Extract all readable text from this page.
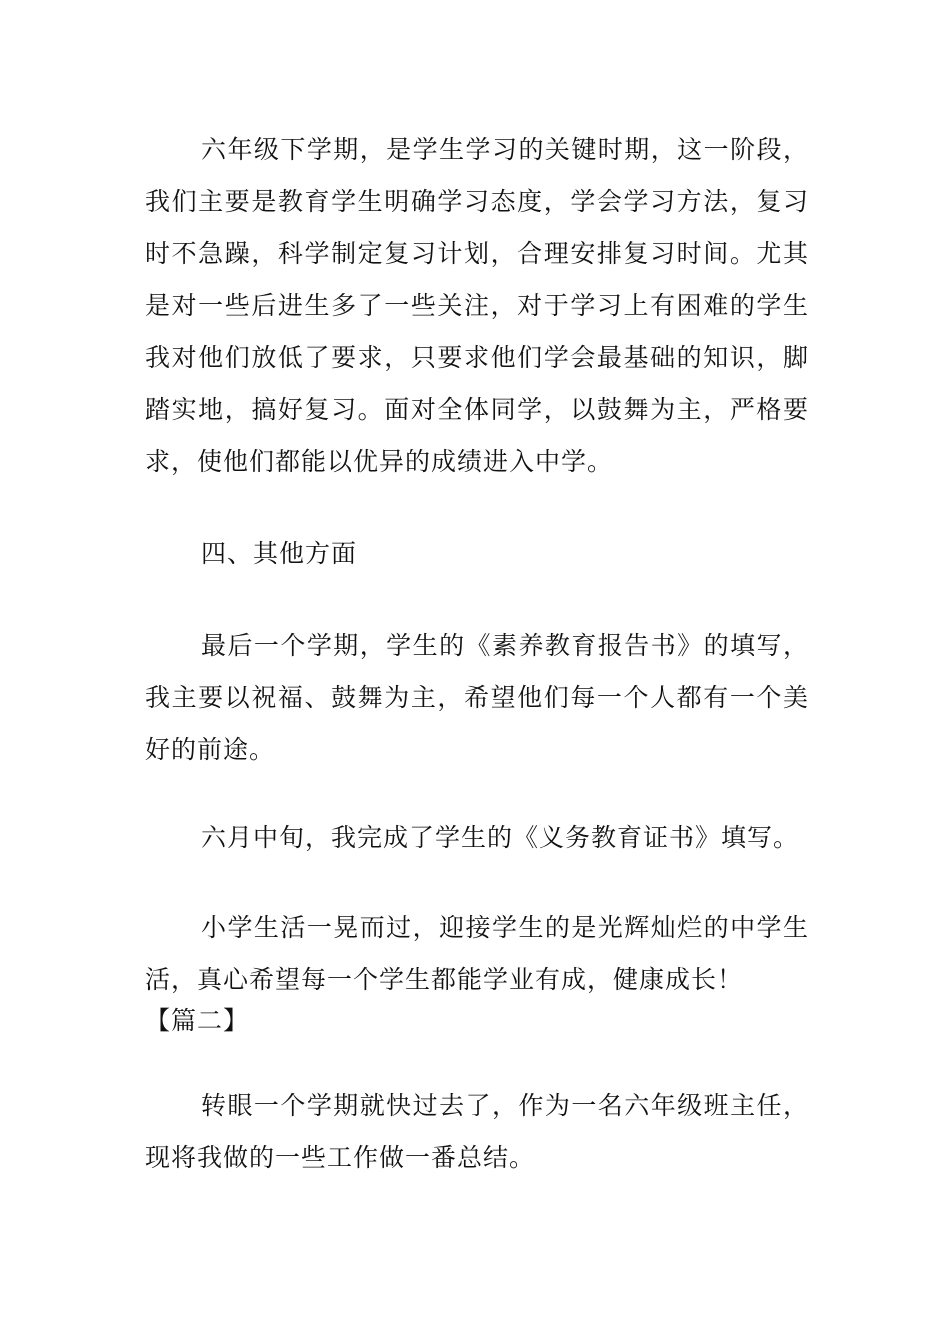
六年级下学期，是学生学习的关键时期，这一阶段，我们主要是教育学生明确学习态度，学会学习方法，复习时不急躁，科学制定复习计划，合理安排复习时间。尤其是对一些后进生多了一些关注，对于学习上有困难的学生我对他们放低了要求，只要求他们学会最基础的知识，脚踏实地，搞好复习。面对全体同学，以鼓舞为主，严格要求，使他们都能以优异的成绩进入中学。

四、其他方面

最后一个学期，学生的《素养教育报告书》的填写，我主要以祝福、鼓舞为主，希望他们每一个人都有一个美好的前途。

六月中旬，我完成了学生的《义务教育证书》填写。

小学生活一晃而过，迎接学生的是光辉灿烂的中学生活，真心希望每一个学生都能学业有成，健康成长！

【篇二】

转眼一个学期就快过去了，作为一名六年级班主任，现将我做的一些工作做一番总结。
